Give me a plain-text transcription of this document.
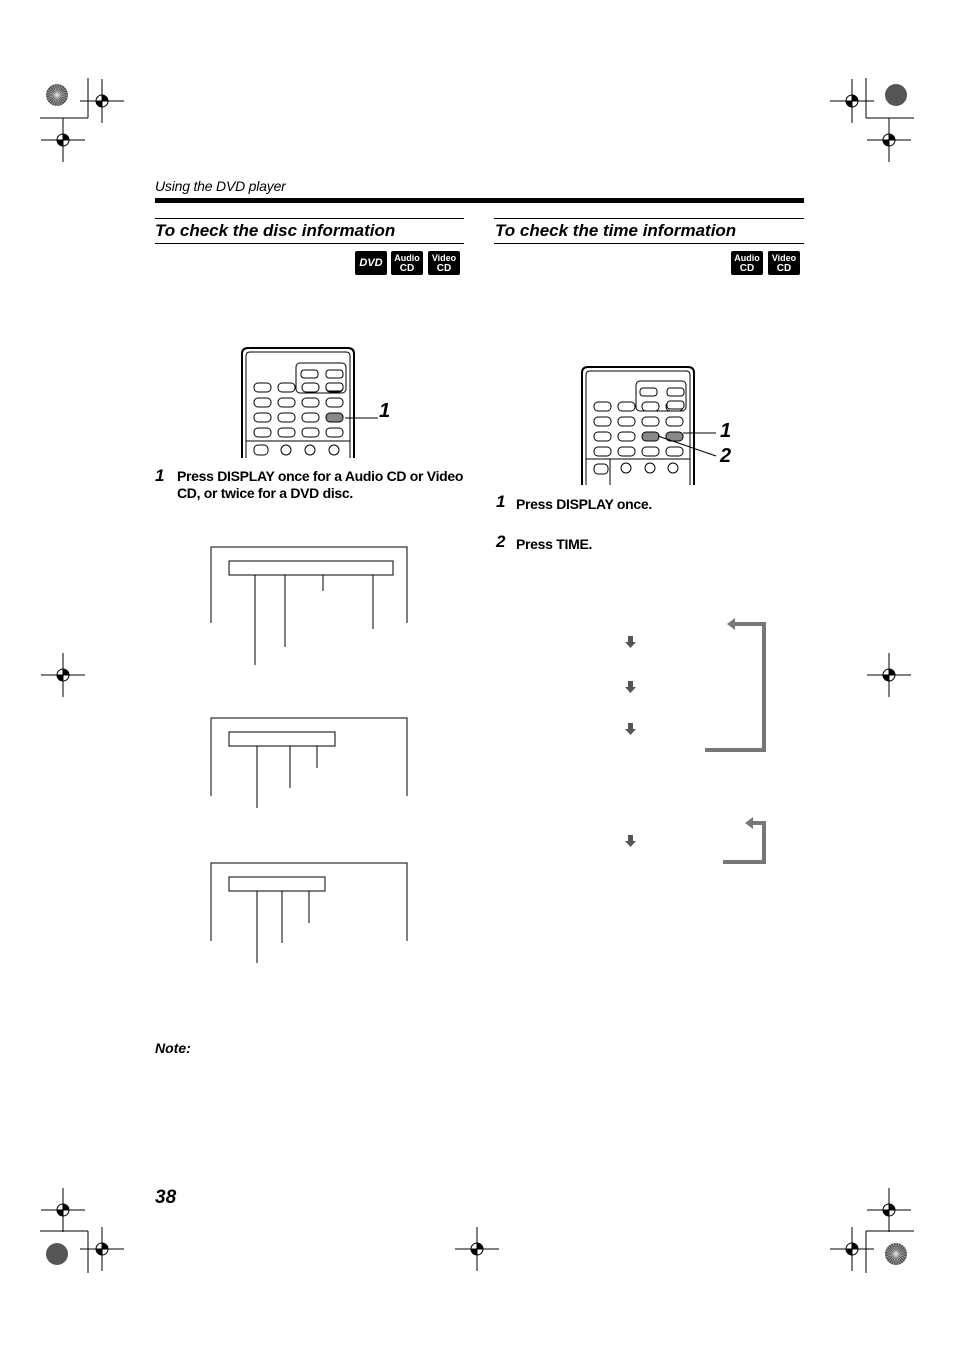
Using the DVD player
To check the disc information
DVD	Audio
CD
Video
CD
1
1 Press DISPLAY once for a Audio CD or Video
CD, or twice for a DVD disc.
Note:
To check the time information
Audio
CD
Video
CD
1
2
1 Press DISPLAY once.
2 Press TIME.
38
